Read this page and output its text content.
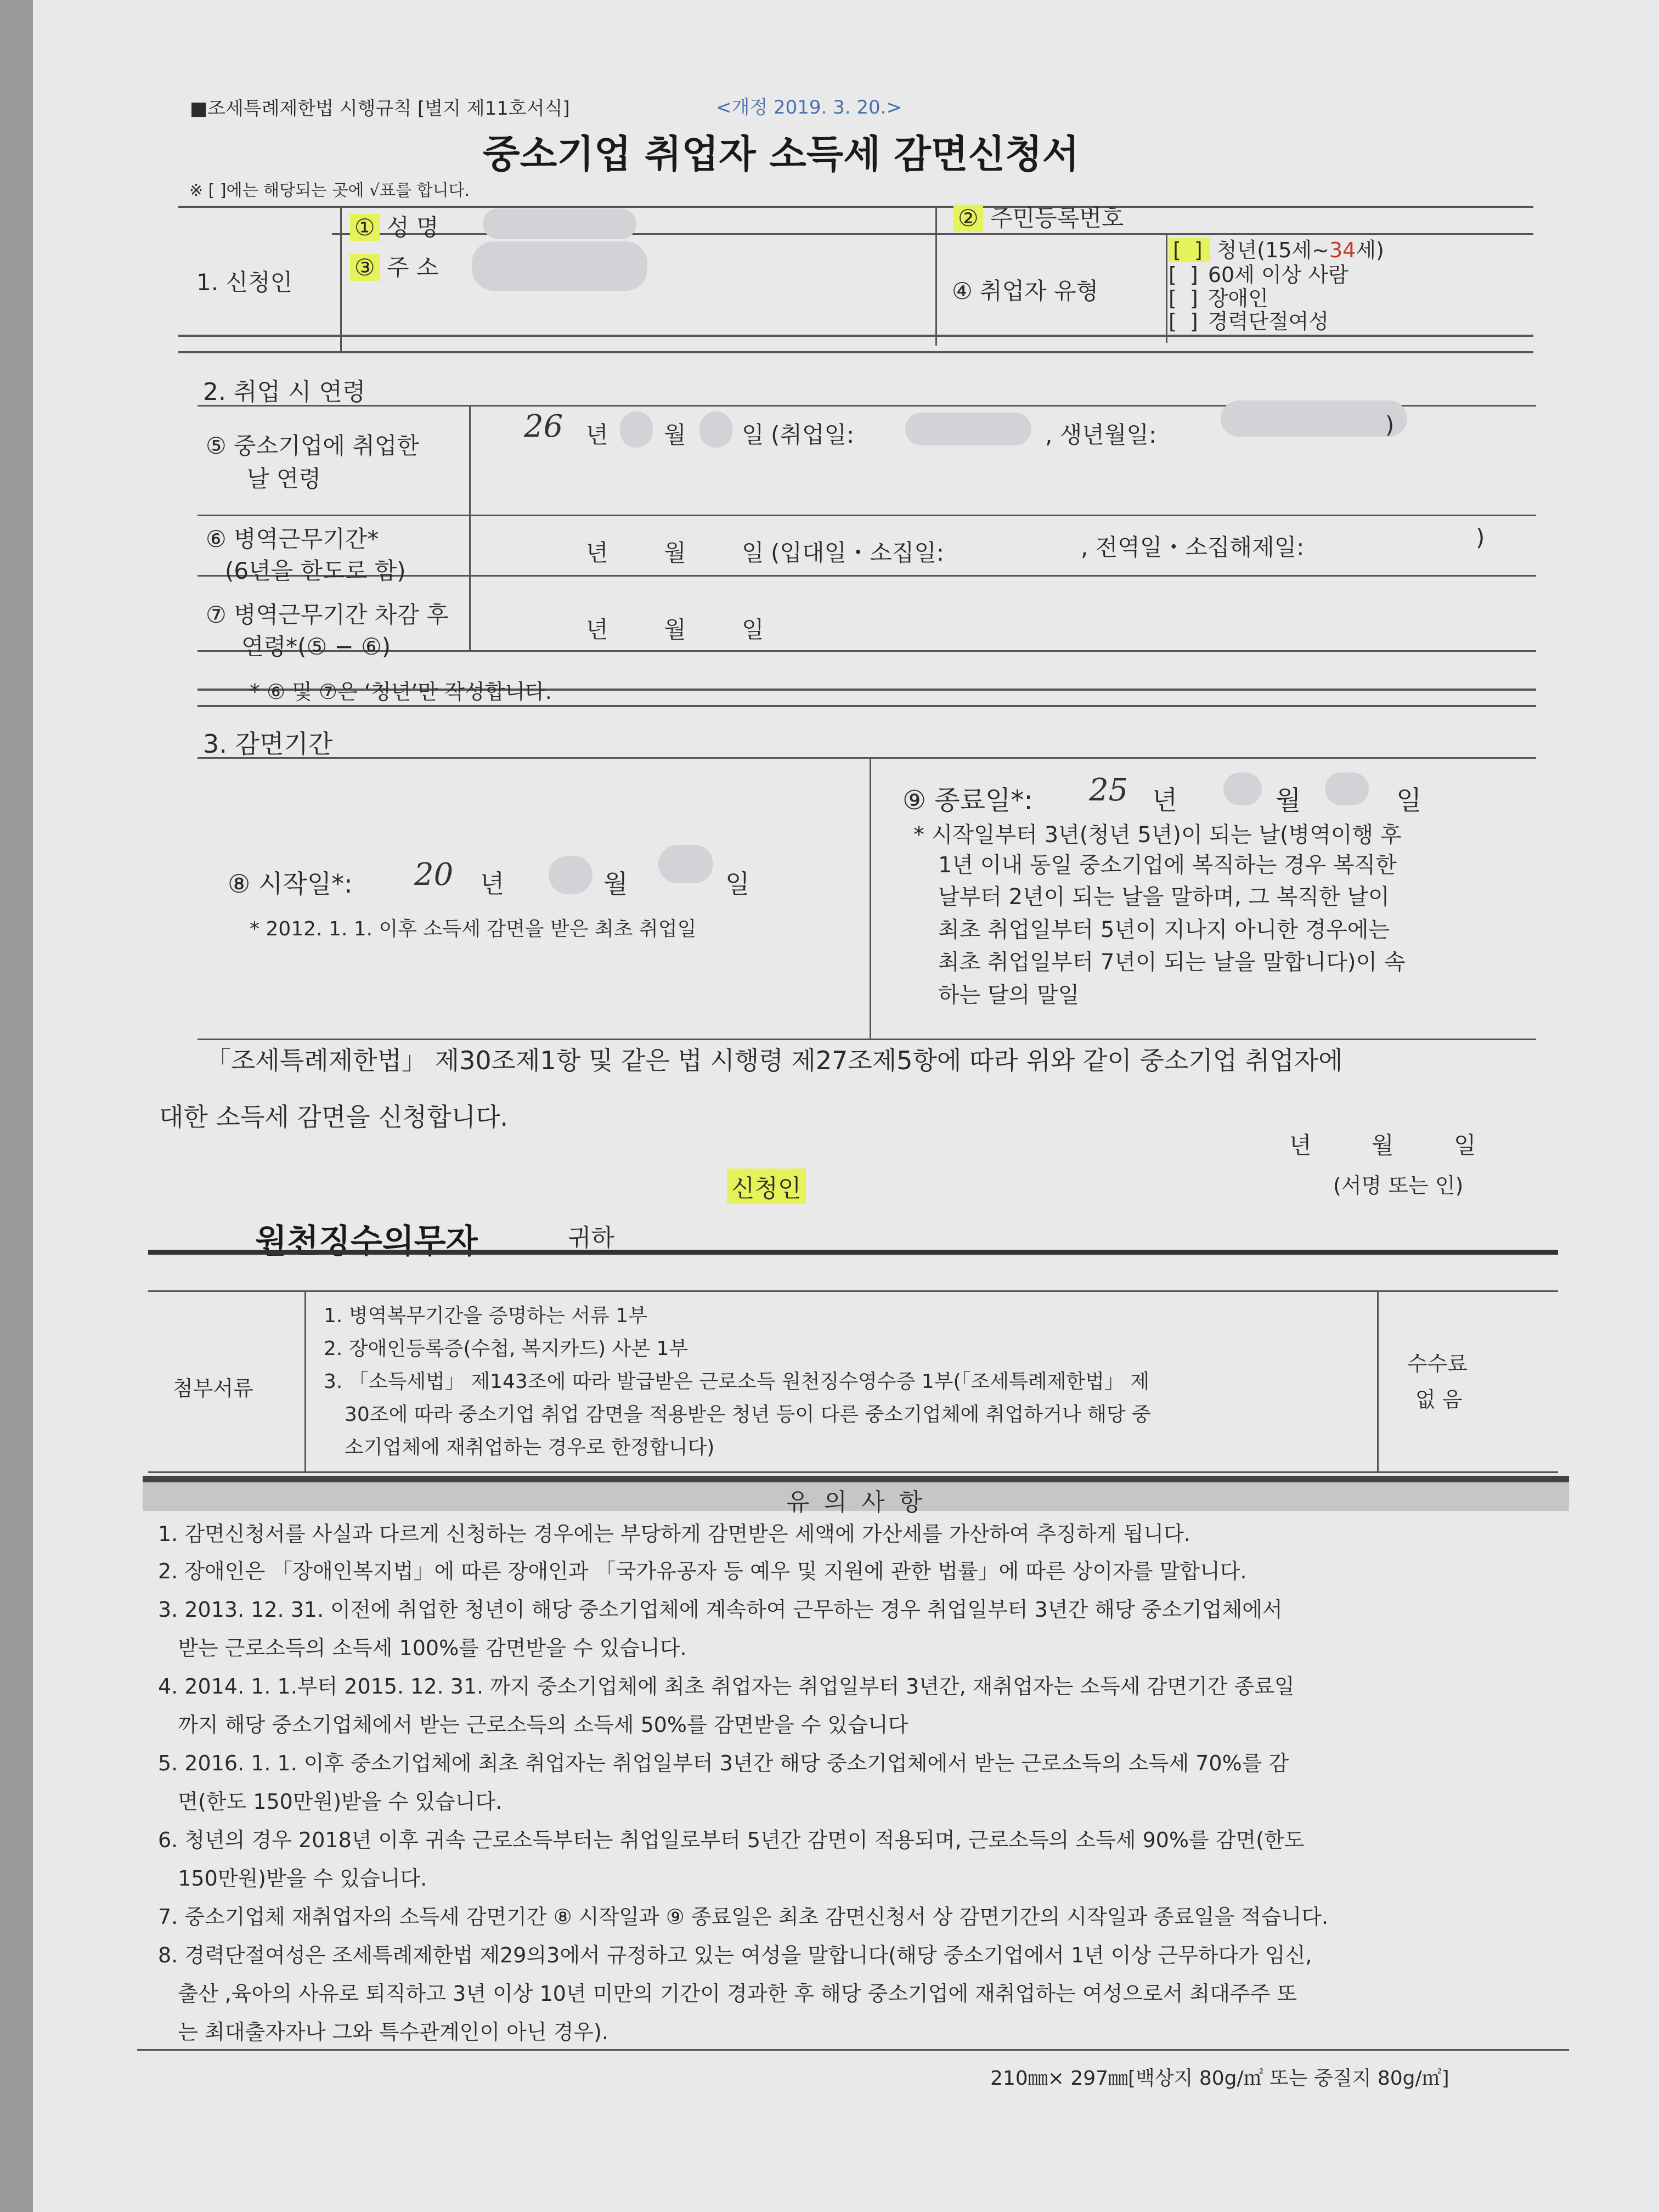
■조세특례제한법 시행규칙 [별지 제11호서식]	<개정 2019. 3. 20.>
중소기업 취업자 소득세 감면신청서
※ [ ]에는 해당되는 곳에 √표를 합니다.
1. 신청인
① 성 명
③ 주 소
② 주민등록번호
④ 취업자 유형
[ ] 청년(15세~34세)
[ ] 60세 이상 사람
[ ] 장애인
[ ] 경력단절여성
2. 취업 시 연령
⑤ 중소기업에 취업한
날 연령
26 년 월 일 (취업일:	, 생년월일:	)
⑥ 병역근무기간*
(6년을 한도로 함)
년 월 일 (입대일・소집일:	, 전역일・소집해제일:	)
⑦ 병역근무기간 차감 후
연령*(⑤ − ⑥)
년 월 일
* ⑥ 및 ⑦은 ‘청년’만 작성합니다.
3. 감면기간
⑧ 시작일*: 20 년	월	일
* 2012. 1. 1. 이후 소득세 감면을 받은 최초 취업일
⑨ 종료일*: 25 년	월	일
* 시작일부터 3년(청년 5년)이 되는 날(병역이행 후
1년 이내 동일 중소기업에 복직하는 경우 복직한
날부터 2년이 되는 날을 말하며, 그 복직한 날이
최초 취업일부터 5년이 지나지 아니한 경우에는
최초 취업일부터 7년이 되는 날을 말합니다)이 속
하는 달의 말일
「조세특례제한법」 제30조제1항 및 같은 법 시행령 제27조제5항에 따라 위와 같이 중소기업 취업자에
대한 소득세 감면을 신청합니다.
년	월	일
신청인	(서명 또는 인)
원천징수의무자	귀하
첨부서류
1. 병역복무기간을 증명하는 서류 1부
2. 장애인등록증(수첩, 복지카드) 사본 1부
3. 「소득세법」 제143조에 따라 발급받은 근로소득 원천징수영수증 1부(「조세특례제한법」 제
30조에 따라 중소기업 취업 감면을 적용받은 청년 등이 다른 중소기업체에 취업하거나 해당 중
소기업체에 재취업하는 경우로 한정합니다)
수수료
없 음
유 의 사 항
1. 감면신청서를 사실과 다르게 신청하는 경우에는 부당하게 감면받은 세액에 가산세를 가산하여 추징하게 됩니다.
2. 장애인은 「장애인복지법」에 따른 장애인과 「국가유공자 등 예우 및 지원에 관한 법률」에 따른 상이자를 말합니다.
3. 2013. 12. 31. 이전에 취업한 청년이 해당 중소기업체에 계속하여 근무하는 경우 취업일부터 3년간 해당 중소기업체에서
받는 근로소득의 소득세 100%를 감면받을 수 있습니다.
4. 2014. 1. 1.부터 2015. 12. 31. 까지 중소기업체에 최초 취업자는 취업일부터 3년간, 재취업자는 소득세 감면기간 종료일
까지 해당 중소기업체에서 받는 근로소득의 소득세 50%를 감면받을 수 있습니다
5. 2016. 1. 1. 이후 중소기업체에 최초 취업자는 취업일부터 3년간 해당 중소기업체에서 받는 근로소득의 소득세 70%를 감
면(한도 150만원)받을 수 있습니다.
6. 청년의 경우 2018년 이후 귀속 근로소득부터는 취업일로부터 5년간 감면이 적용되며, 근로소득의 소득세 90%를 감면(한도
150만원)받을 수 있습니다.
7. 중소기업체 재취업자의 소득세 감면기간 ⑧ 시작일과 ⑨ 종료일은 최초 감면신청서 상 감면기간의 시작일과 종료일을 적습니다.
8. 경력단절여성은 조세특례제한법 제29의3에서 규정하고 있는 여성을 말합니다(해당 중소기업에서 1년 이상 근무하다가 임신,
출산 ,육아의 사유로 퇴직하고 3년 이상 10년 미만의 기간이 경과한 후 해당 중소기업에 재취업하는 여성으로서 최대주주 또
는 최대출자자나 그와 특수관계인이 아닌 경우).
210㎜× 297㎜[백상지 80g/㎡ 또는 중질지 80g/㎡]
